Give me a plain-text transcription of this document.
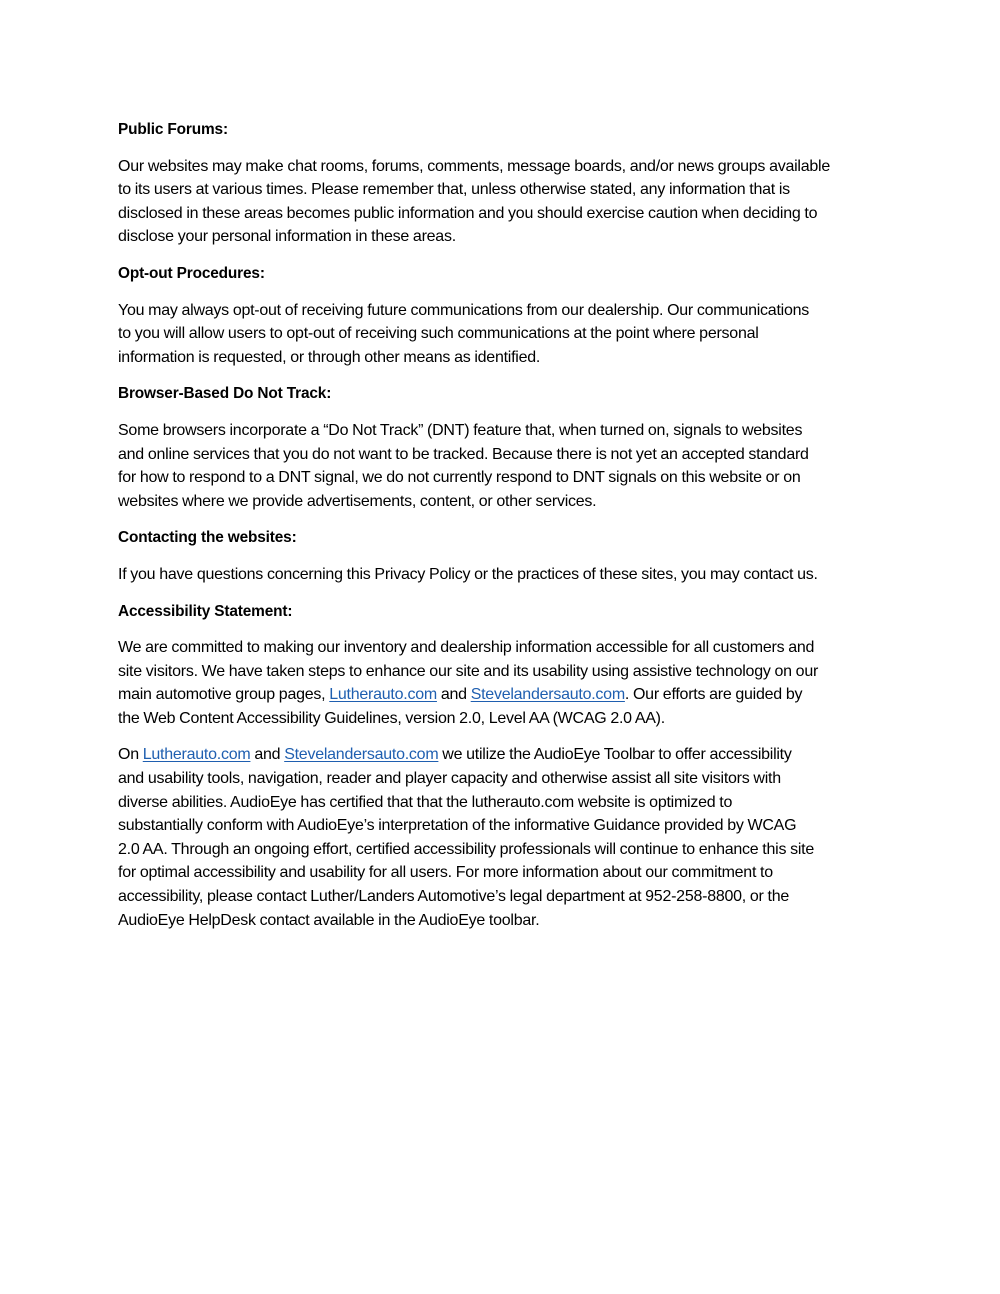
Public Forums:
Our websites may make chat rooms, forums, comments, message boards, and/or news groups available
to its users at various times. Please remember that, unless otherwise stated, any information that is
disclosed in these areas becomes public information and you should exercise caution when deciding to
disclose your personal information in these areas.
Opt-out Procedures:
You may always opt-out of receiving future communications from our dealership. Our communications
to you will allow users to opt-out of receiving such communications at the point where personal
information is requested, or through other means as identified.
Browser-Based Do Not Track:
Some browsers incorporate a “Do Not Track” (DNT) feature that, when turned on, signals to websites
and online services that you do not want to be tracked. Because there is not yet an accepted standard
for how to respond to a DNT signal, we do not currently respond to DNT signals on this website or on
websites where we provide advertisements, content, or other services.
Contacting the websites:
If you have questions concerning this Privacy Policy or the practices of these sites, you may contact us.
Accessibility Statement:
We are committed to making our inventory and dealership information accessible for all customers and
site visitors. We have taken steps to enhance our site and its usability using assistive technology on our
main automotive group pages, Lutherauto.com and Stevelandersauto.com. Our efforts are guided by
the Web Content Accessibility Guidelines, version 2.0, Level AA (WCAG 2.0 AA).
On Lutherauto.com and Stevelandersauto.com we utilize the AudioEye Toolbar to offer accessibility
and usability tools, navigation, reader and player capacity and otherwise assist all site visitors with
diverse abilities. AudioEye has certified that that the lutherauto.com website is optimized to
substantially conform with AudioEye’s interpretation of the informative Guidance provided by WCAG
2.0 AA. Through an ongoing effort, certified accessibility professionals will continue to enhance this site
for optimal accessibility and usability for all users. For more information about our commitment to
accessibility, please contact Luther/Landers Automotive’s legal department at 952-258-8800, or the
AudioEye HelpDesk contact available in the AudioEye toolbar.
